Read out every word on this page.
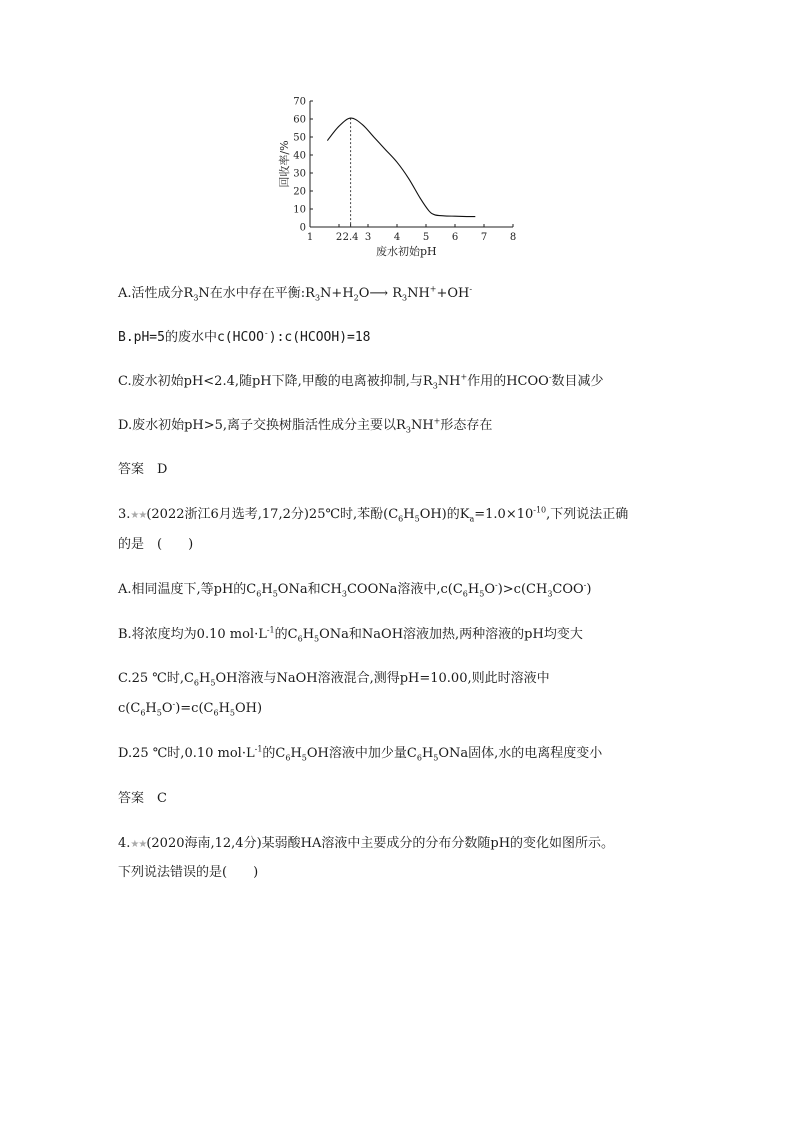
0
10
20
30
40
50
60
70
1 2 2.4 3 4 5 6 7 8
回收率/%
废水初始pH
A.活性成分$R_3N$在水中存在平衡$:R_3N+H_2O⟶$ $R_3NH^++OH^-$
B.pH=5的废水中c(HCOO-):c(HCOOH)=18
C.废水初始pH<2.4,随pH下降,甲酸的电离被抑制,与$R_3NH^+$作用的HCOO-数目减少
D.废水初始pH>5,离子交换树脂活性成分主要以$R_3NH^+$形态存在
答案　D
3.★★(2022浙江6月选考,17,2分)25℃时,苯酚$(C_6H_5OH)$的$K_a=1.0\times 10^{-10}$,下列说法正确
的是　(　　)
A.相同温度下,等pH的$C_6H_5ONa$和$CH_3COONa$溶液中$,c(C_6H_5O^-)>c(CH_3COO^-)$
B.将浓度均为0.10 $mol\cdot L^{-1}$的$C_6H_5ONa$和NaOH溶液加热,两种溶液的pH均变大
C.25 ℃时$,C_6H_5OH$溶液与NaOH溶液混合,测得pH=10.00,则此时溶液中
$c(C_6H_5O^-)=c(C_6H_5OH)$
D.25 ℃时,0.10 $mol\cdot L^{-1}$的$C_6H_5OH$溶液中加少量$C_6H_5ONa$固体,水的电离程度变小
答案　C
4.★★(2020海南,12,4分)某弱酸HA溶液中主要成分的分布分数随pH的变化如图所示。
下列说法错误的是(　　)
